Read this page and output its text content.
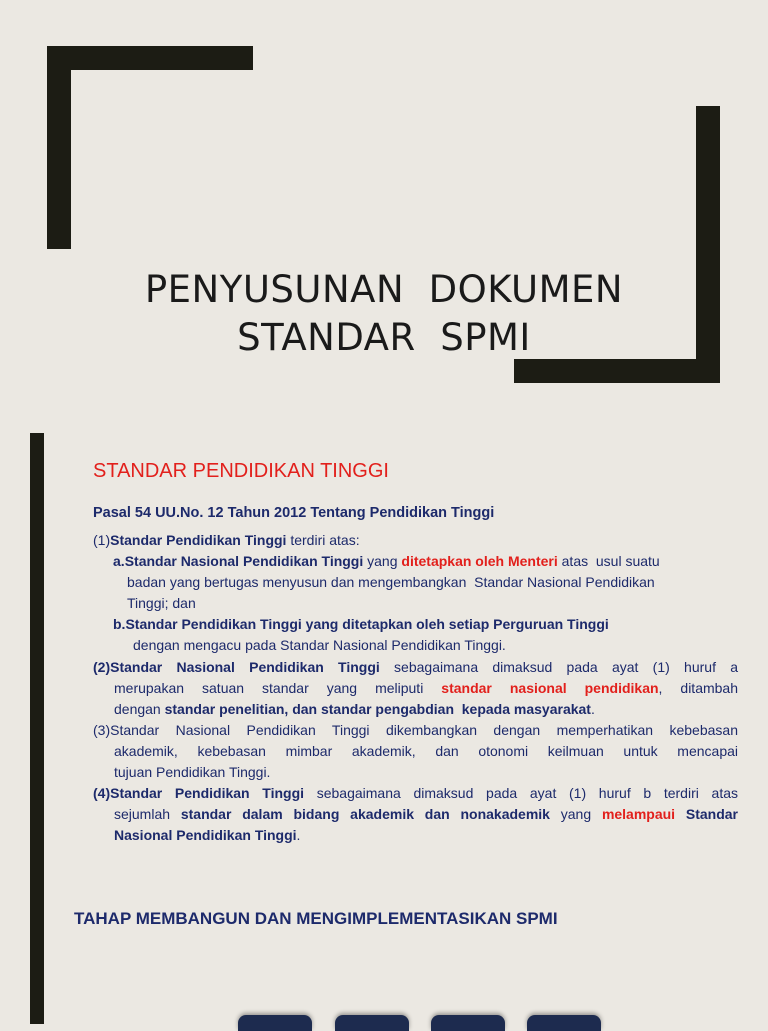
PENYUSUNAN  DOKUMEN
STANDAR  SPMI
STANDAR PENDIDIKAN TINGGI
Pasal 54 UU.No. 12 Tahun 2012 Tentang Pendidikan Tinggi
(1)Standar Pendidikan Tinggi terdiri atas:
a.Standar Nasional Pendidikan Tinggi yang ditetapkan oleh Menteri atas  usul suatu
badan yang bertugas menyusun dan mengembangkan  Standar Nasional Pendidikan
Tinggi; dan
b.Standar Pendidikan Tinggi yang ditetapkan oleh setiap Perguruan Tinggi
dengan mengacu pada Standar Nasional Pendidikan Tinggi.
(2)Standar Nasional Pendidikan Tinggi sebagaimana dimaksud pada ayat (1) huruf a
merupakan satuan standar yang meliputi standar nasional pendidikan, ditambah
dengan standar penelitian, dan standar pengabdian  kepada masyarakat.
(3)Standar Nasional Pendidikan Tinggi dikembangkan dengan memperhatikan kebebasan
akademik, kebebasan mimbar akademik, dan otonomi keilmuan untuk mencapai
tujuan Pendidikan Tinggi.
(4)Standar Pendidikan Tinggi sebagaimana dimaksud pada ayat (1) huruf b terdiri atas
sejumlah standar dalam bidang akademik dan nonakademik yang melampaui Standar
Nasional Pendidikan Tinggi.
TAHAP MEMBANGUN DAN MENGIMPLEMENTASIKAN SPMI
